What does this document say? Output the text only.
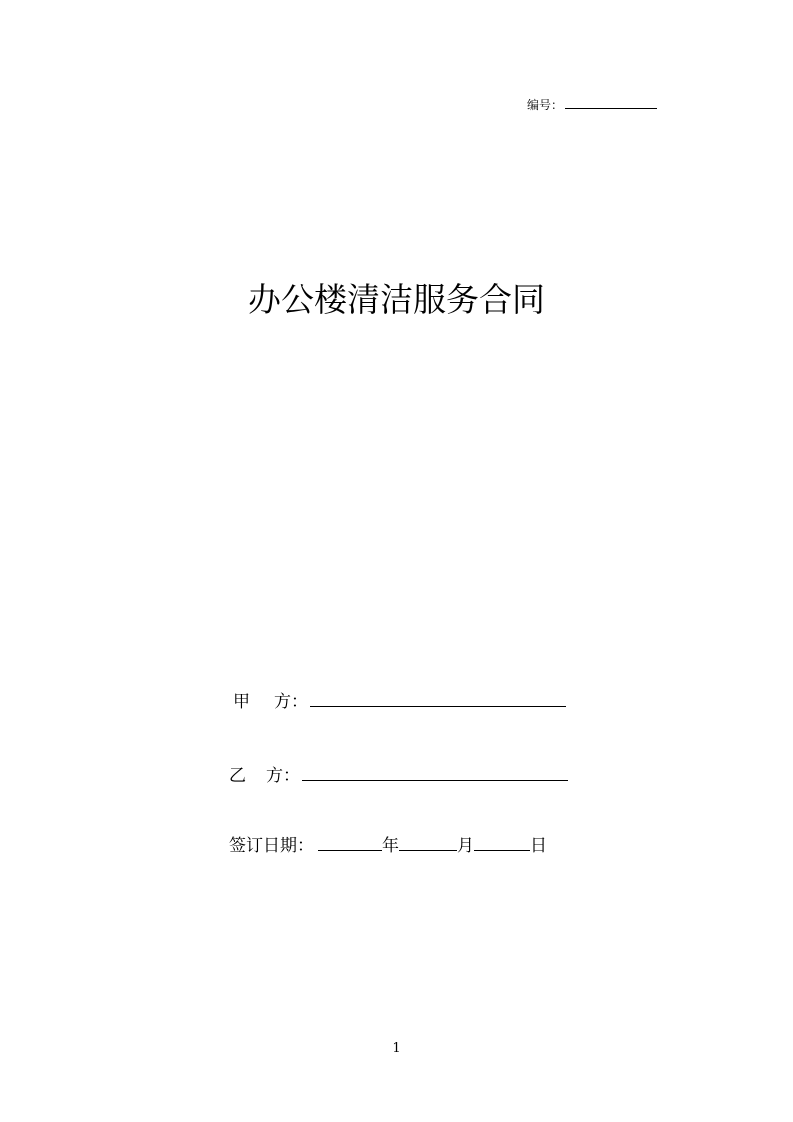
编号：
办公楼清洁服务合同
甲 方：
乙 方：
签订日期：	年	月	日
1
